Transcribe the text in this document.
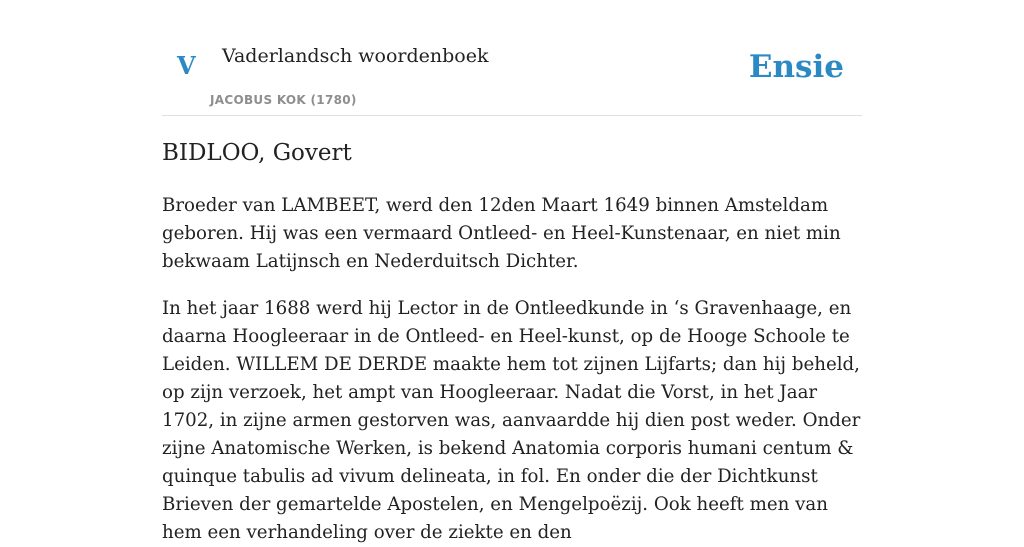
V Vaderlandsch woordenboek
JACOBUS KOK (1780)
Ensie
BIDLOO, Govert

Broeder van LAMBEET, werd den 12den Maart 1649 binnen Amsteldam geboren. Hij was een vermaard Ontleed- en Heel-Kunstenaar, en niet min bekwaam Latijnsch en Nederduitsch Dichter.

In het jaar 1688 werd hij Lector in de Ontleedkunde in ‘s Gravenhaage, en daarna Hoogleeraar in de Ontleed- en Heel-kunst, op de Hooge Schoole te Leiden. WILLEM DE DERDE maakte hem tot zijnen Lijfarts; dan hij beheld, op zijn verzoek, het ampt van Hoogleeraar. Nadat die Vorst, in het Jaar 1702, in zijne armen gestorven was, aanvaardde hij dien post weder. Onder zijne Anatomische Werken, is bekend Anatomia corporis humani centum & quinque tabulis ad vivum delineata, in fol. En onder die der Dichtkunst Brieven der gemartelde Apostelen, en Mengelpoëzij. Ook heeft men van hem een verhandeling over de ziekte en den
